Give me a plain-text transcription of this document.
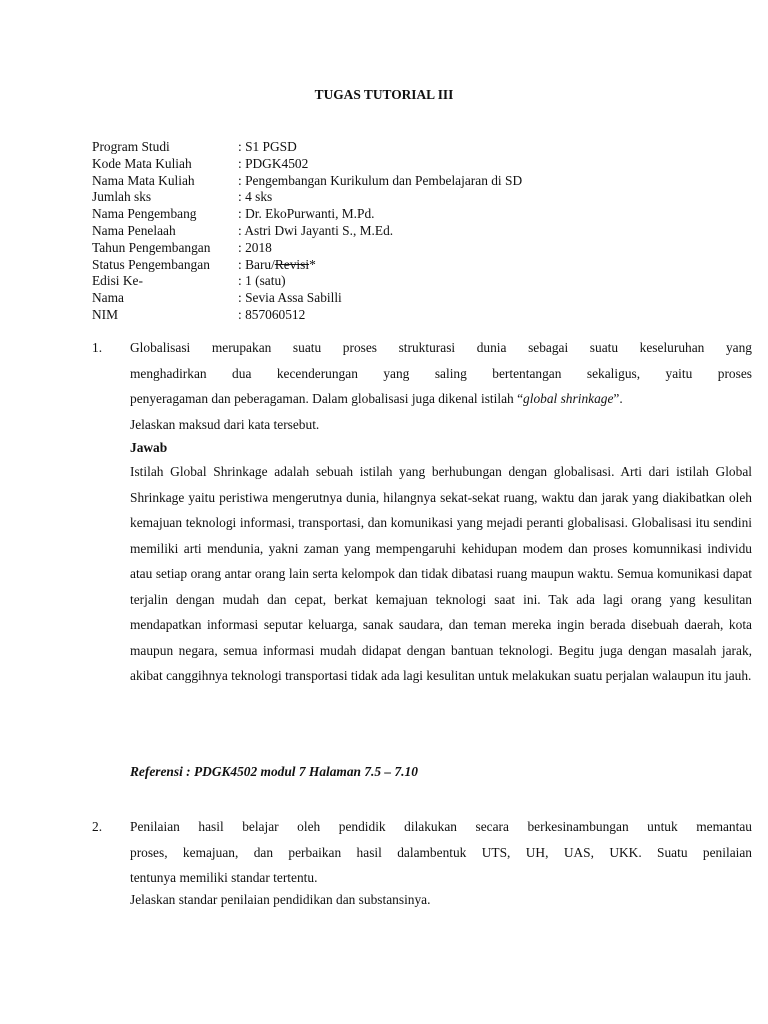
TUGAS TUTORIAL III
Program Studi	: S1 PGSD
Kode Mata Kuliah	: PDGK4502
Nama Mata Kuliah	: Pengembangan Kurikulum dan Pembelajaran di SD
Jumlah sks	: 4 sks
Nama Pengembang	: Dr. EkoPurwanti, M.Pd.
Nama Penelaah	: Astri Dwi Jayanti S., M.Ed.
Tahun Pengembangan	: 2018
Status Pengembangan	: Baru/Revisi*
Edisi Ke-	: 1 (satu)
Nama	: Sevia Assa Sabilli
NIM	: 857060512
1. Globalisasi merupakan suatu proses strukturasi dunia sebagai suatu keseluruhan yang
menghadirkan dua kecenderungan yang saling bertentangan sekaligus, yaitu proses
penyeragaman dan peberagaman. Dalam globalisasi juga dikenal istilah “global shrinkage”.
Jelaskan maksud dari kata tersebut.
Jawab
Istilah Global Shrinkage adalah sebuah istilah yang berhubungan dengan globalisasi. Arti dari istilah Global Shrinkage yaitu peristiwa mengerutnya dunia, hilangnya sekat-sekat ruang, waktu dan jarak yang diakibatkan oleh kemajuan teknologi informasi, transportasi, dan komunikasi yang mejadi peranti globalisasi. Globalisasi itu sendini memiliki arti mendunia, yakni zaman yang mempengaruhi kehidupan modem dan proses komunnikasi individu atau setiap orang antar orang lain serta kelompok dan tidak dibatasi ruang maupun waktu. Semua komunikasi dapat terjalin dengan mudah dan cepat, berkat kemajuan teknologi saat ini. Tak ada lagi orang yang kesulitan mendapatkan informasi seputar keluarga, sanak saudara, dan teman mereka ingin berada disebuah daerah, kota maupun negara, semua informasi mudah didapat dengan bantuan teknologi. Begitu juga dengan masalah jarak, akibat canggihnya teknologi transportasi tidak ada lagi kesulitan untuk melakukan suatu perjalan walaupun itu jauh.
Referensi : PDGK4502 modul 7 Halaman 7.5 – 7.10
2. Penilaian hasil belajar oleh pendidik dilakukan secara berkesinambungan untuk memantau
proses, kemajuan, dan perbaikan hasil dalambentuk UTS, UH, UAS, UKK. Suatu penilaian
tentunya memiliki standar tertentu.
Jelaskan standar penilaian pendidikan dan substansinya.
